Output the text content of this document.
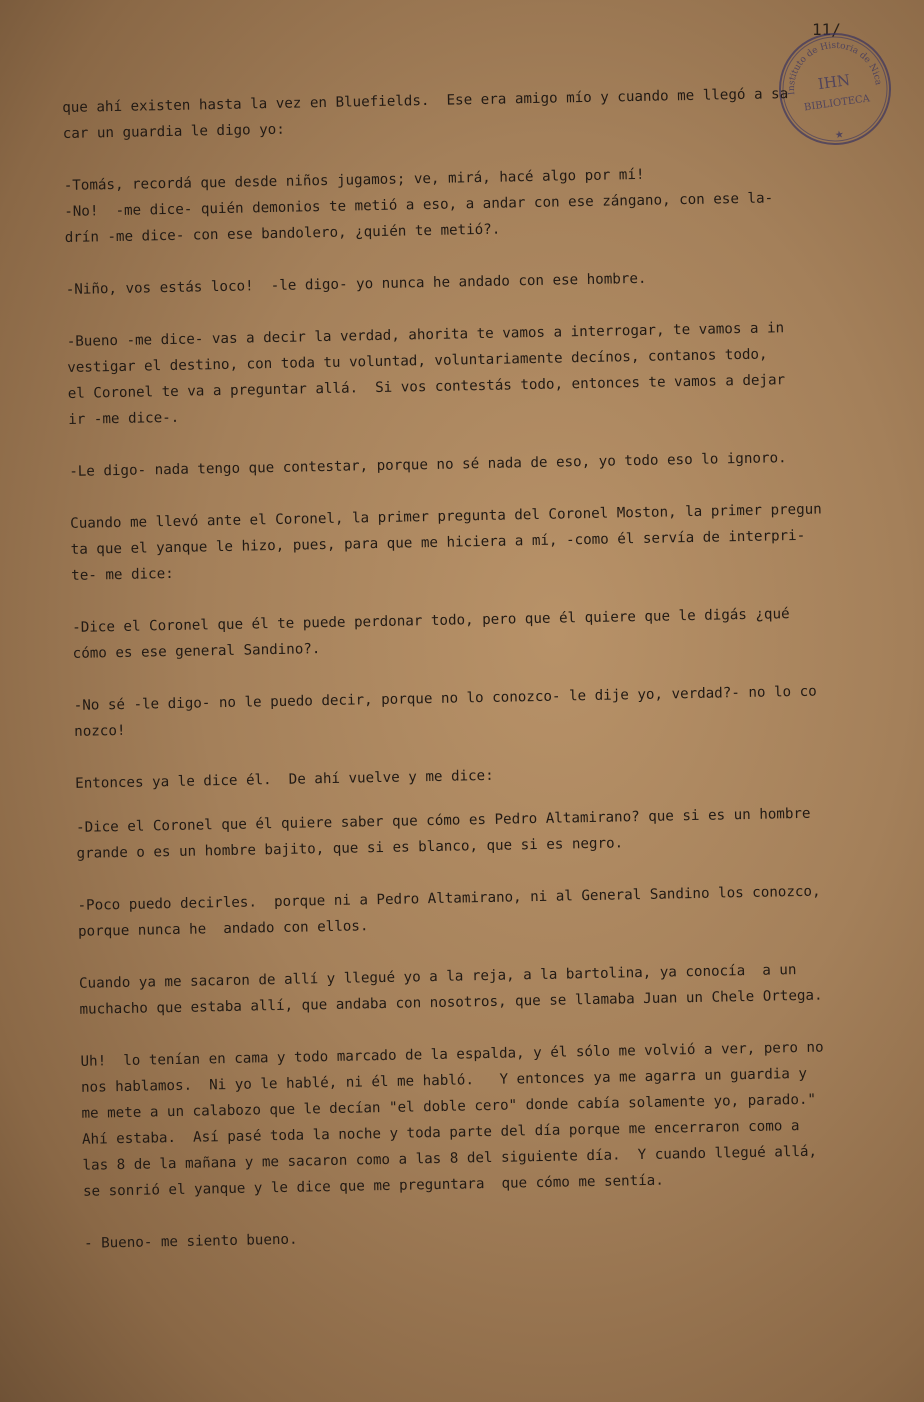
11/
Instituto de Historia de Nicaragua
IHN
BIBLIOTECA
★
que ahí existen hasta la vez en Bluefields.  Ese era amigo mío y cuando me llegó a sa
car un guardia le digo yo:
-Tomás, recordá que desde niños jugamos; ve, mirá, hacé algo por mí!
-No!  -me dice- quién demonios te metió a eso, a andar con ese zángano, con ese la-
drín -me dice- con ese bandolero, ¿quién te metió?.
-Niño, vos estás loco!  -le digo- yo nunca he andado con ese hombre.
-Bueno -me dice- vas a decir la verdad, ahorita te vamos a interrogar, te vamos a in
vestigar el destino, con toda tu voluntad, voluntariamente decínos, contanos todo,
el Coronel te va a preguntar allá.  Si vos contestás todo, entonces te vamos a dejar
ir -me dice-.
-Le digo- nada tengo que contestar, porque no sé nada de eso, yo todo eso lo ignoro.
Cuando me llevó ante el Coronel, la primer pregunta del Coronel Moston, la primer pregun
ta que el yanque le hizo, pues, para que me hiciera a mí, -como él servía de interpri-
te- me dice:
-Dice el Coronel que él te puede perdonar todo, pero que él quiere que le digás ¿qué
cómo es ese general Sandino?.
-No sé -le digo- no le puedo decir, porque no lo conozco- le dije yo, verdad?- no lo co
nozco!
Entonces ya le dice él.  De ahí vuelve y me dice:
-Dice el Coronel que él quiere saber que cómo es Pedro Altamirano? que si es un hombre
grande o es un hombre bajito, que si es blanco, que si es negro.
-Poco puedo decirles.  porque ni a Pedro Altamirano, ni al General Sandino los conozco,
porque nunca he  andado con ellos.
Cuando ya me sacaron de allí y llegué yo a la reja, a la bartolina, ya conocía  a un
muchacho que estaba allí, que andaba con nosotros, que se llamaba Juan un Chele Ortega.
Uh!  lo tenían en cama y todo marcado de la espalda, y él sólo me volvió a ver, pero no
nos hablamos.  Ni yo le hablé, ni él me habló.   Y entonces ya me agarra un guardia y
me mete a un calabozo que le decían "el doble cero" donde cabía solamente yo, parado."
Ahí estaba.  Así pasé toda la noche y toda parte del día porque me encerraron como a
las 8 de la mañana y me sacaron como a las 8 del siguiente día.  Y cuando llegué allá,
se sonrió el yanque y le dice que me preguntara  que cómo me sentía.
- Bueno- me siento bueno.
